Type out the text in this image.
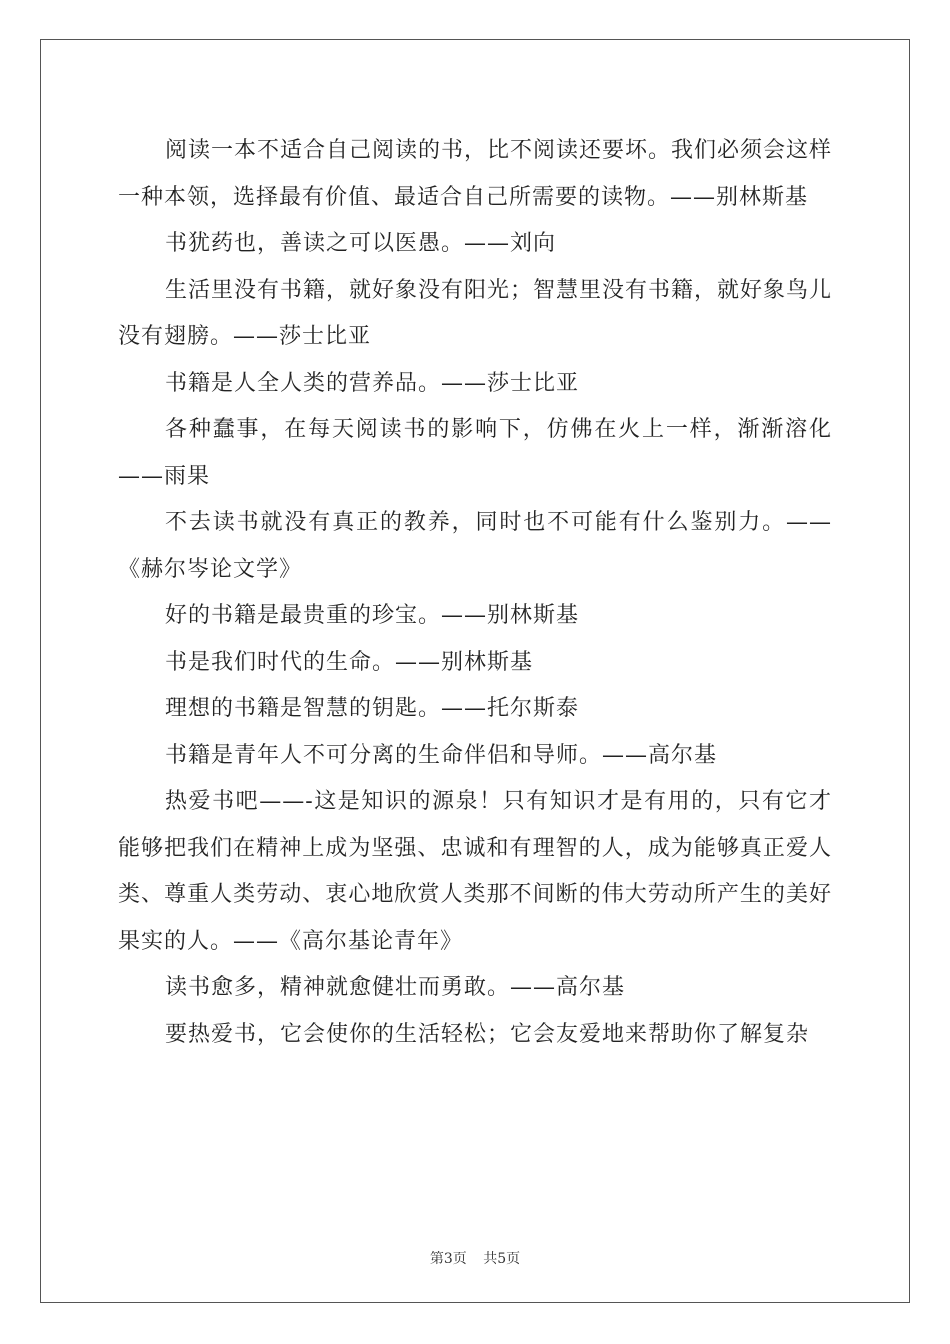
阅读一本不适合自己阅读的书，比不阅读还要坏。我们必须会这样一种本领，选择最有价值、最适合自己所需要的读物。——别林斯基

书犹药也，善读之可以医愚。——刘向

生活里没有书籍，就好象没有阳光；智慧里没有书籍，就好象鸟儿没有翅膀。——莎士比亚

书籍是人全人类的营养品。——莎士比亚

各种蠢事，在每天阅读书的影响下，仿佛在火上一样，渐渐溶化——雨果

不去读书就没有真正的教养，同时也不可能有什么鉴别力。——《赫尔岑论文学》

好的书籍是最贵重的珍宝。——别林斯基

书是我们时代的生命。——别林斯基

理想的书籍是智慧的钥匙。——托尔斯泰

书籍是青年人不可分离的生命伴侣和导师。——高尔基

热爱书吧——-这是知识的源泉！只有知识才是有用的，只有它才能够把我们在精神上成为坚强、忠诚和有理智的人，成为能够真正爱人类、尊重人类劳动、衷心地欣赏人类那不间断的伟大劳动所产生的美好果实的人。——《高尔基论青年》

读书愈多，精神就愈健壮而勇敢。——高尔基

要热爱书，它会使你的生活轻松；它会友爱地来帮助你了解复杂

第3页 共5页
